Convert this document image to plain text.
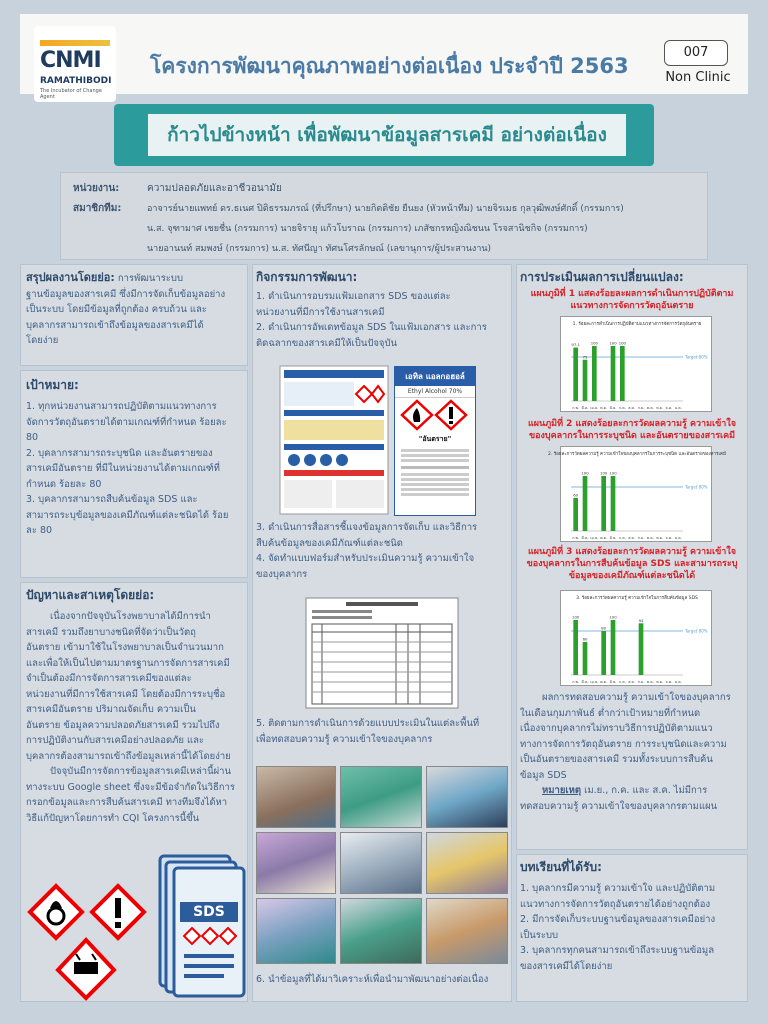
CNMI
RAMATHIBODI
The Incubator of Change Agent
โครงการพัฒนาคุณภาพอย่างต่อเนื่อง ประจำปี 2563
007
Non Clinic
ก้าวไปข้างหน้า เพื่อพัฒนาข้อมูลสารเคมี อย่างต่อเนื่อง
หน่วยงาน:	ความปลอดภัยและอาชีวอนามัย
สมาชิกทีม:	อาจารย์นายแพทย์ ดร.ธเนศ ปิติธรรมภรณ์ (ที่ปรึกษา) นายกิตติชัย ยืนยง (หัวหน้าทีม) นายจิรเมธ กุลวุฒิพงษ์ศักดิ์ (กรรมการ)
น.ส. จุฑามาศ เชยชื่น (กรรมการ) นายจิรายุ แก้วโบราณ (กรรมการ) เภสัชกรหญิงณิชนน โรจสานิชกิจ (กรรมการ)
นายอานนท์ สมพงษ์ (กรรมการ) น.ส. ทัศนีญา ทัศนโศรลักษณ์ (เลขานุการ/ผู้ประสานงาน)
สรุปผลงานโดยย่อ: การพัฒนาระบบ
ฐานข้อมูลของสารเคมี ซึ่งมีการจัดเก็บข้อมูลอย่าง
เป็นระบบ โดยมีข้อมูลที่ถูกต้อง ครบถ้วน และ
บุคลากรสามารถเข้าถึงข้อมูลของสารเคมีได้
โดยง่าย
เป้าหมาย:
1. ทุกหน่วยงานสามารถปฏิบัติตามแนวทางการ
จัดการวัตถุอันตรายได้ตามเกณฑ์ที่กำหนด ร้อยละ
80
2. บุคลากรสามารถระบุชนิด และอันตรายของ
สารเคมีอันตราย ที่มีในหน่วยงานได้ตามเกณฑ์ที่
กำหนด ร้อยละ 80
3. บุคลากรสามารถสืบค้นข้อมูล SDS และ
สามารถระบุข้อมูลของเคมีภัณฑ์แต่ละชนิดได้ ร้อย
ละ 80
ปัญหาและสาเหตุโดยย่อ:
เนื่องจากปัจจุบันโรงพยาบาลได้มีการนำ
สารเคมี รวมถึงยาบางชนิดที่จัดว่าเป็นวัตถุ
อันตราย เข้ามาใช้ในโรงพยาบาลเป็นจำนวนมาก
และเพื่อให้เป็นไปตามมาตรฐานการจัดการสารเคมี
จำเป็นต้องมีการจัดการสารเคมีของแต่ละ
หน่วยงานที่มีการใช้สารเคมี โดยต้องมีการระบุชื่อ
สารเคมีอันตราย ปริมาณจัดเก็บ ความเป็น
อันตราย ข้อมูลความปลอดภัยสารเคมี รวมไปถึง
การปฏิบัติงานกับสารเคมีอย่างปลอดภัย และ
บุคลากรต้องสามารถเข้าถึงข้อมูลเหล่านี้ได้โดยง่าย
ปัจจุบันมีการจัดการข้อมูลสารเคมีเหล่านี้ผ่าน
ทางระบบ Google sheet ซึ่งจะมีข้อจำกัดในวิธีการ
กรอกข้อมูลและการสืบค้นสารเคมี ทางทีมจึงได้หา
วิธีแก้ปัญหาโดยการทำ CQI โครงการนี้ขึ้น
SDS
กิจกรรมการพัฒนา:
1. ดำเนินการอบรมแฟ้มเอกสาร SDS ของแต่ละ
หน่วยงานที่มีการใช้งานสารเคมี
2. ดำเนินการอัพเดทข้อมูล SDS ในแฟ้มเอกสาร และการ
ติดฉลากของสารเคมีให้เป็นปัจจุบัน
เอทิล แอลกอฮอล์
Ethyl Alcohol 70%
"อันตราย"
3. ดำเนินการสื่อสารชี้แจงข้อมูลการจัดเก็บ และวิธีการ
สืบค้นข้อมูลของเคมีภัณฑ์แต่ละชนิด
4. จัดทำแบบฟอร์มสำหรับประเมินความรู้ ความเข้าใจ
ของบุคลากร
5. ติดตามการดำเนินการด้วยแบบประเมินในแต่ละพื้นที่
เพื่อทดสอบความรู้ ความเข้าใจของบุคลากร
6. นำข้อมูลที่ได้มาวิเคราะห์เพื่อนำมาพัฒนาอย่างต่อเนื่อง
การประเมินผลการเปลี่ยนแปลง:
แผนภูมิที่ 1 แสดงร้อยละผลการดำเนินการปฏิบัติตาม
แนวทางการจัดการวัตถุอันตราย
1. ร้อยละการดำเนินการปฏิบัติตามแนวทางการจัดการวัตถุอันตราย
Target 80%
ก.พ.
97.1
มี.ค.
75
เม.ย.
100
พ.ค. มิ.ย.
100
ก.ค.
100
ส.ค. ก.ย. ต.ค. พ.ย. ธ.ค. ม.ค.
แผนภูมิที่ 2 แสดงร้อยละการวัดผลความรู้ ความเข้าใจ
ของบุคลากรในการระบุชนิด และอันตรายของสารเคมี
2. ร้อยละการวัดผลความรู้ ความเข้าใจของบุคลากรในการระบุชนิด และอันตรายของสารเคมี
Target 80%
ก.พ.
60
มี.ค.
100
เม.ย. พ.ค.
100
มิ.ย.
100
ก.ค. ส.ค. ก.ย. ต.ค. พ.ย. ธ.ค. ม.ค.
แผนภูมิที่ 3 แสดงร้อยละการวัดผลความรู้ ความเข้าใจ
ของบุคลากรในการสืบค้นข้อมูล SDS และสามารถระบุ
ข้อมูลของเคมีภัณฑ์แต่ละชนิดได้
3. ร้อยละการวัดผลความรู้ ความเข้าใจในการสืบค้นข้อมูล SDS
Target 80%
ก.พ.
100
มี.ค.
60
เม.ย. พ.ค.
80
มิ.ย.
100
ก.ค. ส.ค. ก.ย.
94
ต.ค. พ.ย. ธ.ค. ม.ค.
ผลการทดสอบความรู้ ความเข้าใจของบุคลากร
ในเดือนกุมภาพันธ์ ต่ำกว่าเป้าหมายที่กำหนด
เนื่องจากบุคลากรไม่ทราบวิธีการปฏิบัติตามแนว
ทางการจัดการวัตถุอันตราย การระบุชนิดและความ
เป็นอันตรายของสารเคมี รวมทั้งระบบการสืบค้น
ข้อมูล SDS
หมายเหตุ เม.ย., ก.ค. และ ส.ค. ไม่มีการ
ทดสอบความรู้ ความเข้าใจของบุคลากรตามแผน
บทเรียนที่ได้รับ:
1. บุคลากรมีความรู้ ความเข้าใจ และปฏิบัติตาม
แนวทางการจัดการวัตถุอันตรายได้อย่างถูกต้อง
2. มีการจัดเก็บระบบฐานข้อมูลของสารเคมีอย่าง
เป็นระบบ
3. บุคลากรทุกคนสามารถเข้าถึงระบบฐานข้อมูล
ของสารเคมีได้โดยง่าย
